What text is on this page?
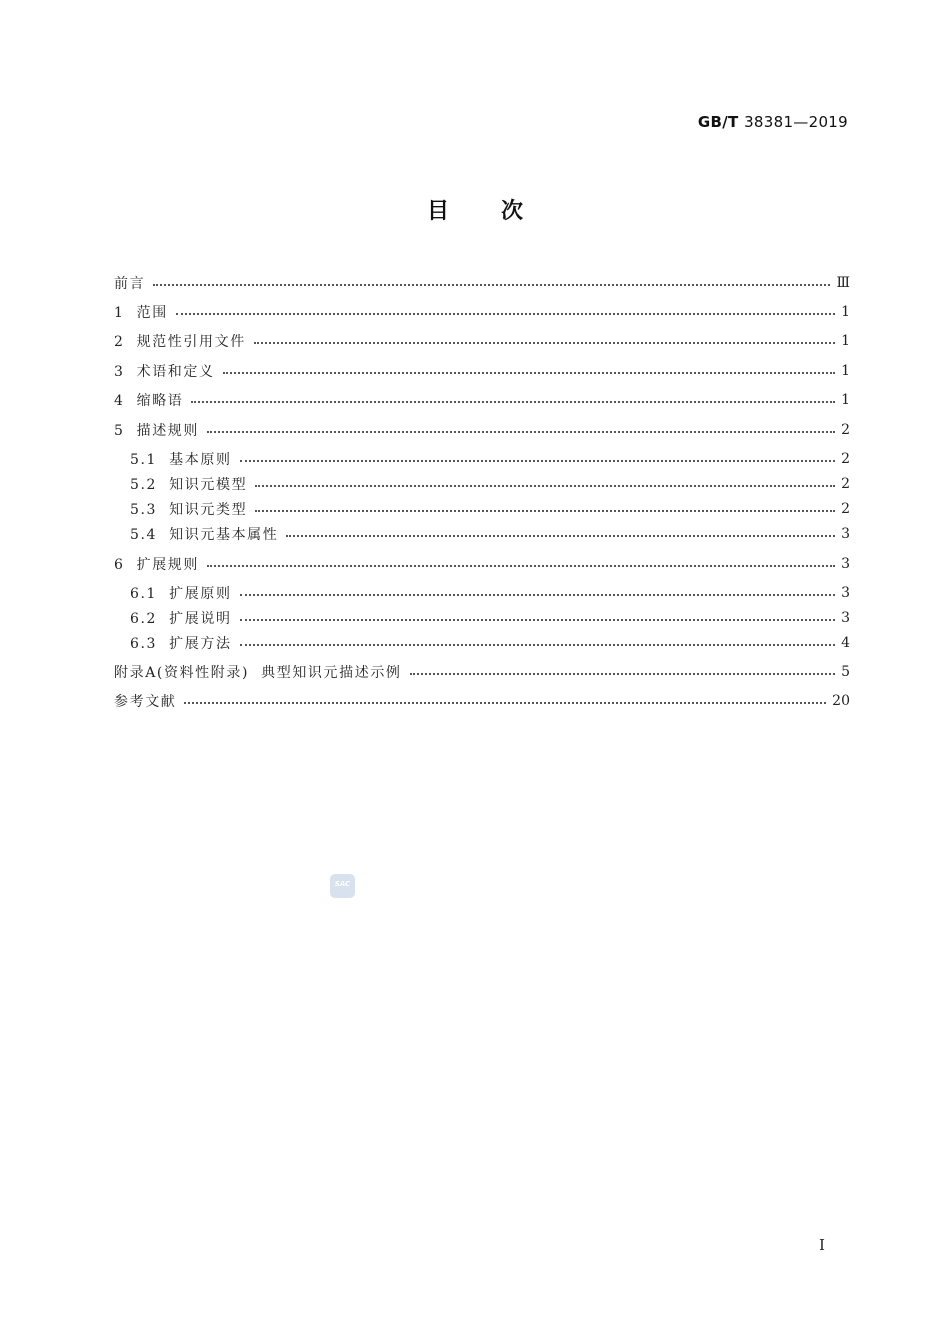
GB/T 38381—2019
目次
前言	Ⅲ
1  范围	1
2  规范性引用文件	1
3  术语和定义	1
4  缩略语	1
5  描述规则	2
5.1  基本原则	2
5.2  知识元模型	2
5.3  知识元类型	2
5.4  知识元基本属性	3
6  扩展规则	3
6.1  扩展原则	3
6.2  扩展说明	3
6.3  扩展方法	4
附录A(资料性附录)  典型知识元描述示例	5
参考文献	20
SAC
I
